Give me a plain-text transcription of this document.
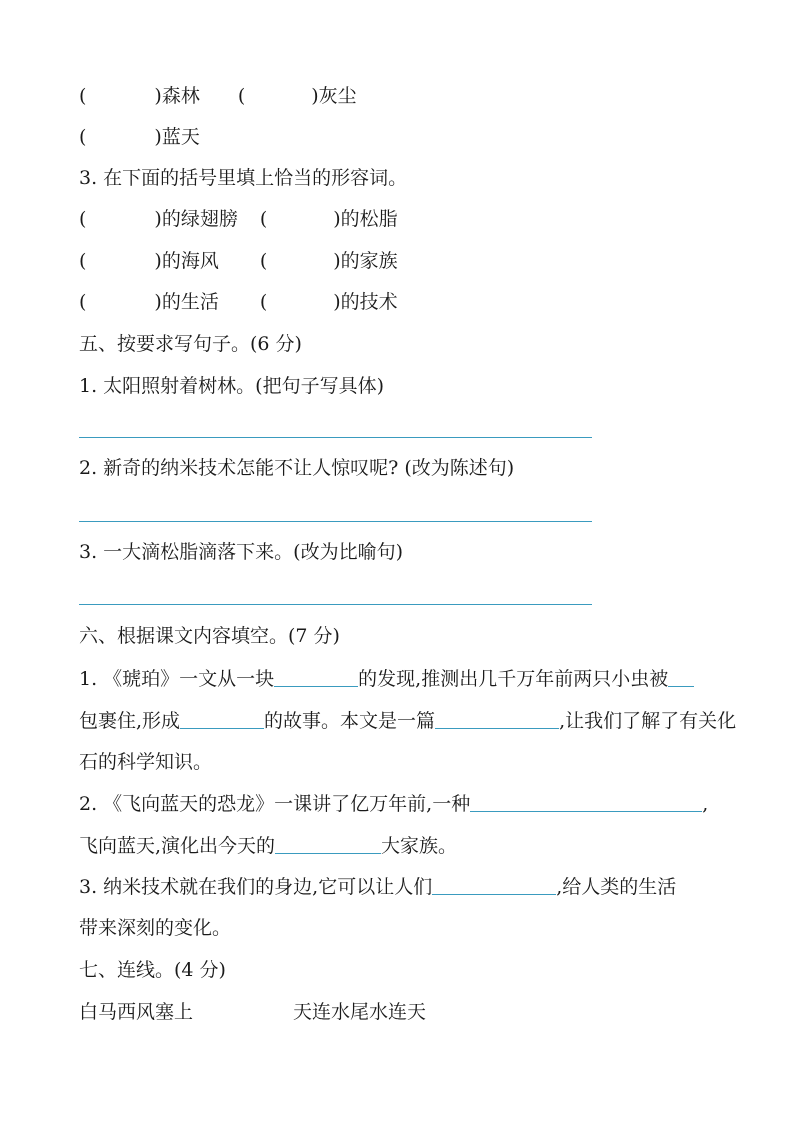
(	)森林 (	)灰尘
(	)蓝天
3. 在下面的括号里填上恰当的形容词。
(	)的绿翅膀 (	)的松脂
(	)的海风 (	)的家族
(	)的生活 (	)的技术
五、按要求写句子。(6 分)
1. 太阳照射着树林。(把句子写具体)
2. 新奇的纳米技术怎能不让人惊叹呢? (改为陈述句)
3. 一大滴松脂滴落下来。(改为比喻句)
六、根据课文内容填空。(7 分)
1. 《琥珀》一文从一块	的发现,推测出几千万年前两只小虫被
包裹住,形成	的故事。本文是一篇	,让我们了解了有关化
石的科学知识。
2. 《飞向蓝天的恐龙》一课讲了亿万年前,一种	,
飞向蓝天,演化出今天的	大家族。
3. 纳米技术就在我们的身边,它可以让人们	,给人类的生活
带来深刻的变化。
七、连线。(4 分)
白马西风塞上	天连水尾水连天
